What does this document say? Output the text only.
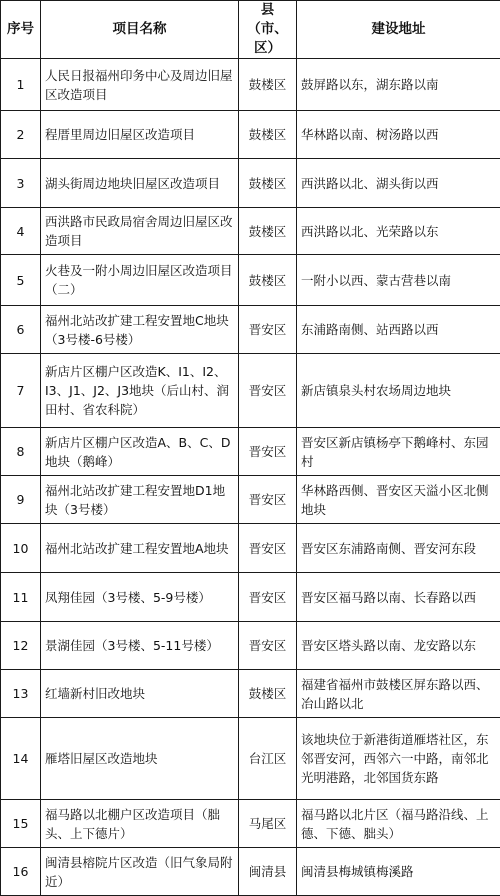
序号	项目名称	县（市、区）	建设地址
1	人民日报福州印务中心及周边旧屋区改造项目	鼓楼区	鼓屏路以东，湖东路以南
2	程厝里周边旧屋区改造项目	鼓楼区	华林路以南、树汤路以西
3	湖头街周边地块旧屋区改造项目	鼓楼区	西洪路以北、湖头街以西
4	西洪路市民政局宿舍周边旧屋区改造项目	鼓楼区	西洪路以北、光荣路以东
5	火巷及一附小周边旧屋区改造项目（二）	鼓楼区	一附小以西、蒙古营巷以南
6	福州北站改扩建工程安置地C地块（3号楼-6号楼）	晋安区	东浦路南侧、站西路以西
7	新店片区棚户区改造K、I1、I2、I3、J1、J2、J3地块（后山村、润田村、省农科院）	晋安区	新店镇泉头村农场周边地块
8	新店片区棚户区改造A、B、C、D地块（鹅峰）	晋安区	晋安区新店镇杨亭下鹅峰村、东园村
9	福州北站改扩建工程安置地D1地块（3号楼）	晋安区	华林路西侧、晋安区天溢小区北侧地块
10	福州北站改扩建工程安置地A地块	晋安区	晋安区东浦路南侧、晋安河东段
11	凤翔佳园（3号楼、5-9号楼）	晋安区	晋安区福马路以南、长春路以西
12	景湖佳园（3号楼、5-11号楼）	晋安区	晋安区塔头路以南、龙安路以东
13	红墙新村旧改地块	鼓楼区	福建省福州市鼓楼区屏东路以西、冶山路以北
14	雁塔旧屋区改造地块	台江区	该地块位于新港街道雁塔社区，东邻晋安河，西邻六一中路，南邻北光明港路，北邻国货东路
15	福马路以北棚户区改造项目（胐头、上下德片）	马尾区	福马路以北片区（福马路沿线、上德、下德、胐头）
16	闽清县榕院片区改造（旧气象局附近）	闽清县	闽清县梅城镇梅溪路
